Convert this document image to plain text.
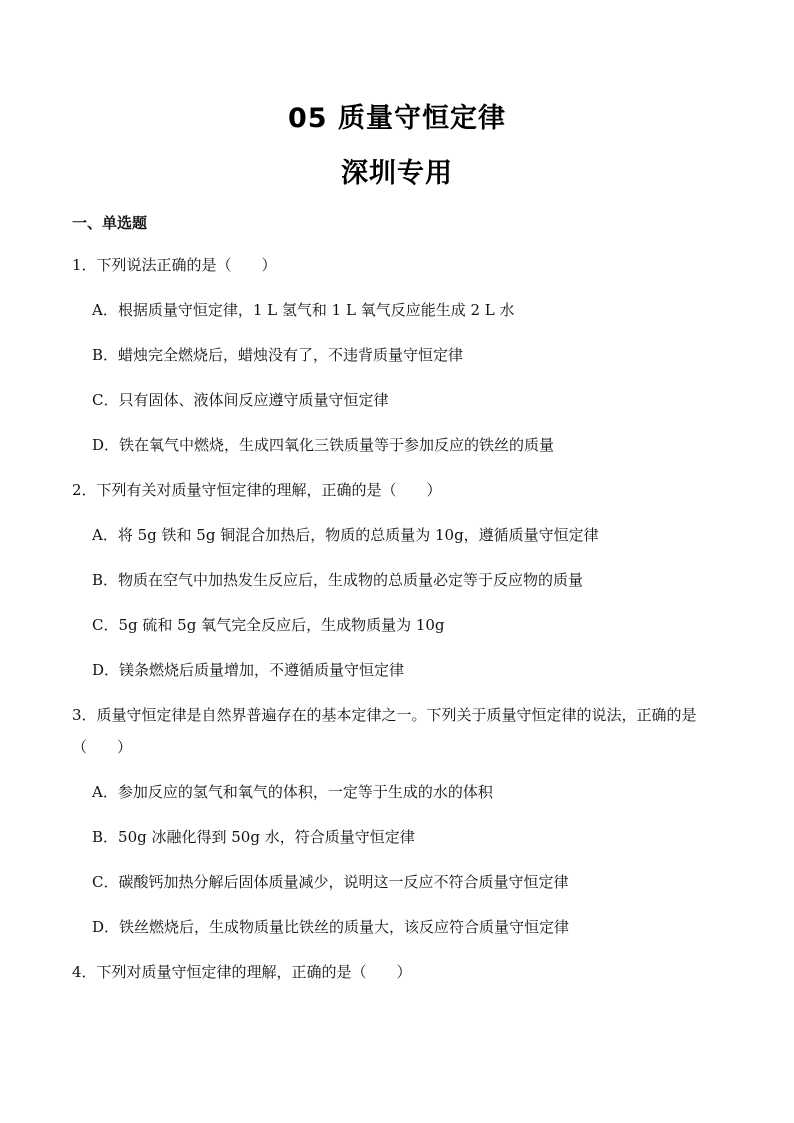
05 质量守恒定律
深圳专用
一、单选题
1．下列说法正确的是（　　）
A．根据质量守恒定律，1 L 氢气和 1 L 氧气反应能生成 2 L 水
B．蜡烛完全燃烧后，蜡烛没有了，不违背质量守恒定律
C．只有固体、液体间反应遵守质量守恒定律
D．铁在氧气中燃烧，生成四氧化三铁质量等于参加反应的铁丝的质量
2．下列有关对质量守恒定律的理解，正确的是（　　）
A．将 5g 铁和 5g 铜混合加热后，物质的总质量为 10g，遵循质量守恒定律
B．物质在空气中加热发生反应后，生成物的总质量必定等于反应物的质量
C．5g 硫和 5g 氧气完全反应后，生成物质量为 10g
D．镁条燃烧后质量增加，不遵循质量守恒定律
3．质量守恒定律是自然界普遍存在的基本定律之一。下列关于质量守恒定律的说法，正确的是（　　）
A．参加反应的氢气和氧气的体积，一定等于生成的水的体积
B．50g 冰融化得到 50g 水，符合质量守恒定律
C．碳酸钙加热分解后固体质量减少，说明这一反应不符合质量守恒定律
D．铁丝燃烧后，生成物质量比铁丝的质量大，该反应符合质量守恒定律
4．下列对质量守恒定律的理解，正确的是（　　）
